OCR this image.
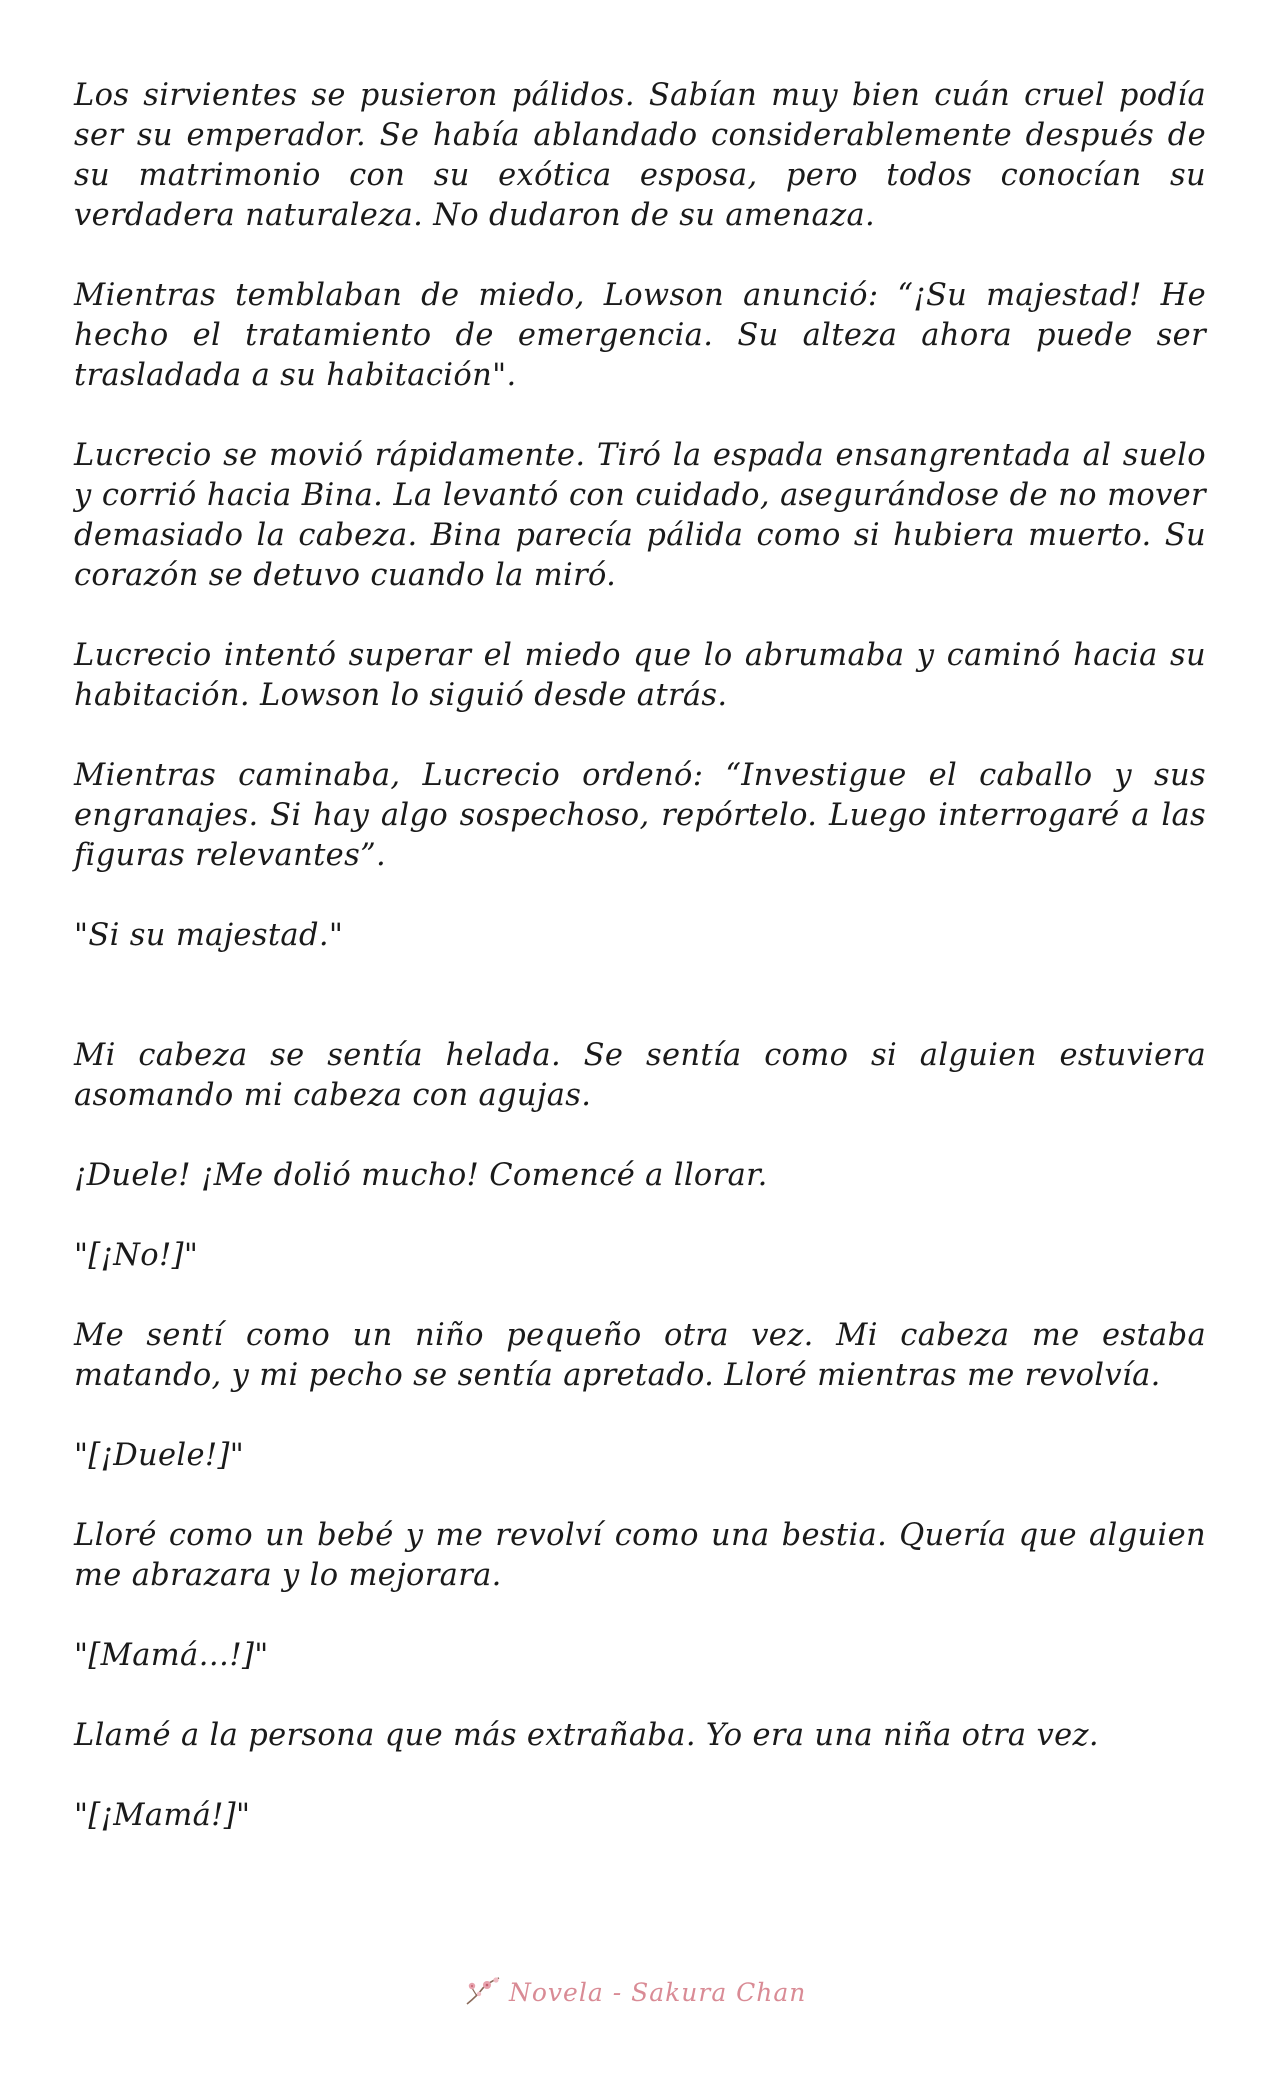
Los sirvientes se pusieron pálidos. Sabían muy bien cuán cruel podía ser su emperador. Se había ablandado considerablemente después de su matrimonio con su exótica esposa, pero todos conocían su verdadera naturaleza. No dudaron de su amenaza.

Mientras temblaban de miedo, Lowson anunció: “¡Su majestad! He hecho el tratamiento de emergencia. Su alteza ahora puede ser trasladada a su habitación".

Lucrecio se movió rápidamente. Tiró la espada ensangrentada al suelo y corrió hacia Bina. La levantó con cuidado, asegurándose de no mover demasiado la cabeza. Bina parecía pálida como si hubiera muerto. Su corazón se detuvo cuando la miró.

Lucrecio intentó superar el miedo que lo abrumaba y caminó hacia su habitación. Lowson lo siguió desde atrás.

Mientras caminaba, Lucrecio ordenó: “Investigue el caballo y sus engranajes. Si hay algo sospechoso, repórtelo. Luego interrogaré a las figuras relevantes”.

"Si su majestad."

Mi cabeza se sentía helada. Se sentía como si alguien estuviera asomando mi cabeza con agujas.

¡Duele! ¡Me dolió mucho! Comencé a llorar.

"[¡No!]"

Me sentí como un niño pequeño otra vez. Mi cabeza me estaba matando, y mi pecho se sentía apretado. Lloré mientras me revolvía.

"[¡Duele!]"

Lloré como un bebé y me revolví como una bestia. Quería que alguien me abrazara y lo mejorara.

"[Mamá…!]"

Llamé a la persona que más extrañaba. Yo era una niña otra vez.

"[¡Mamá!]"

Novela - Sakura Chan
